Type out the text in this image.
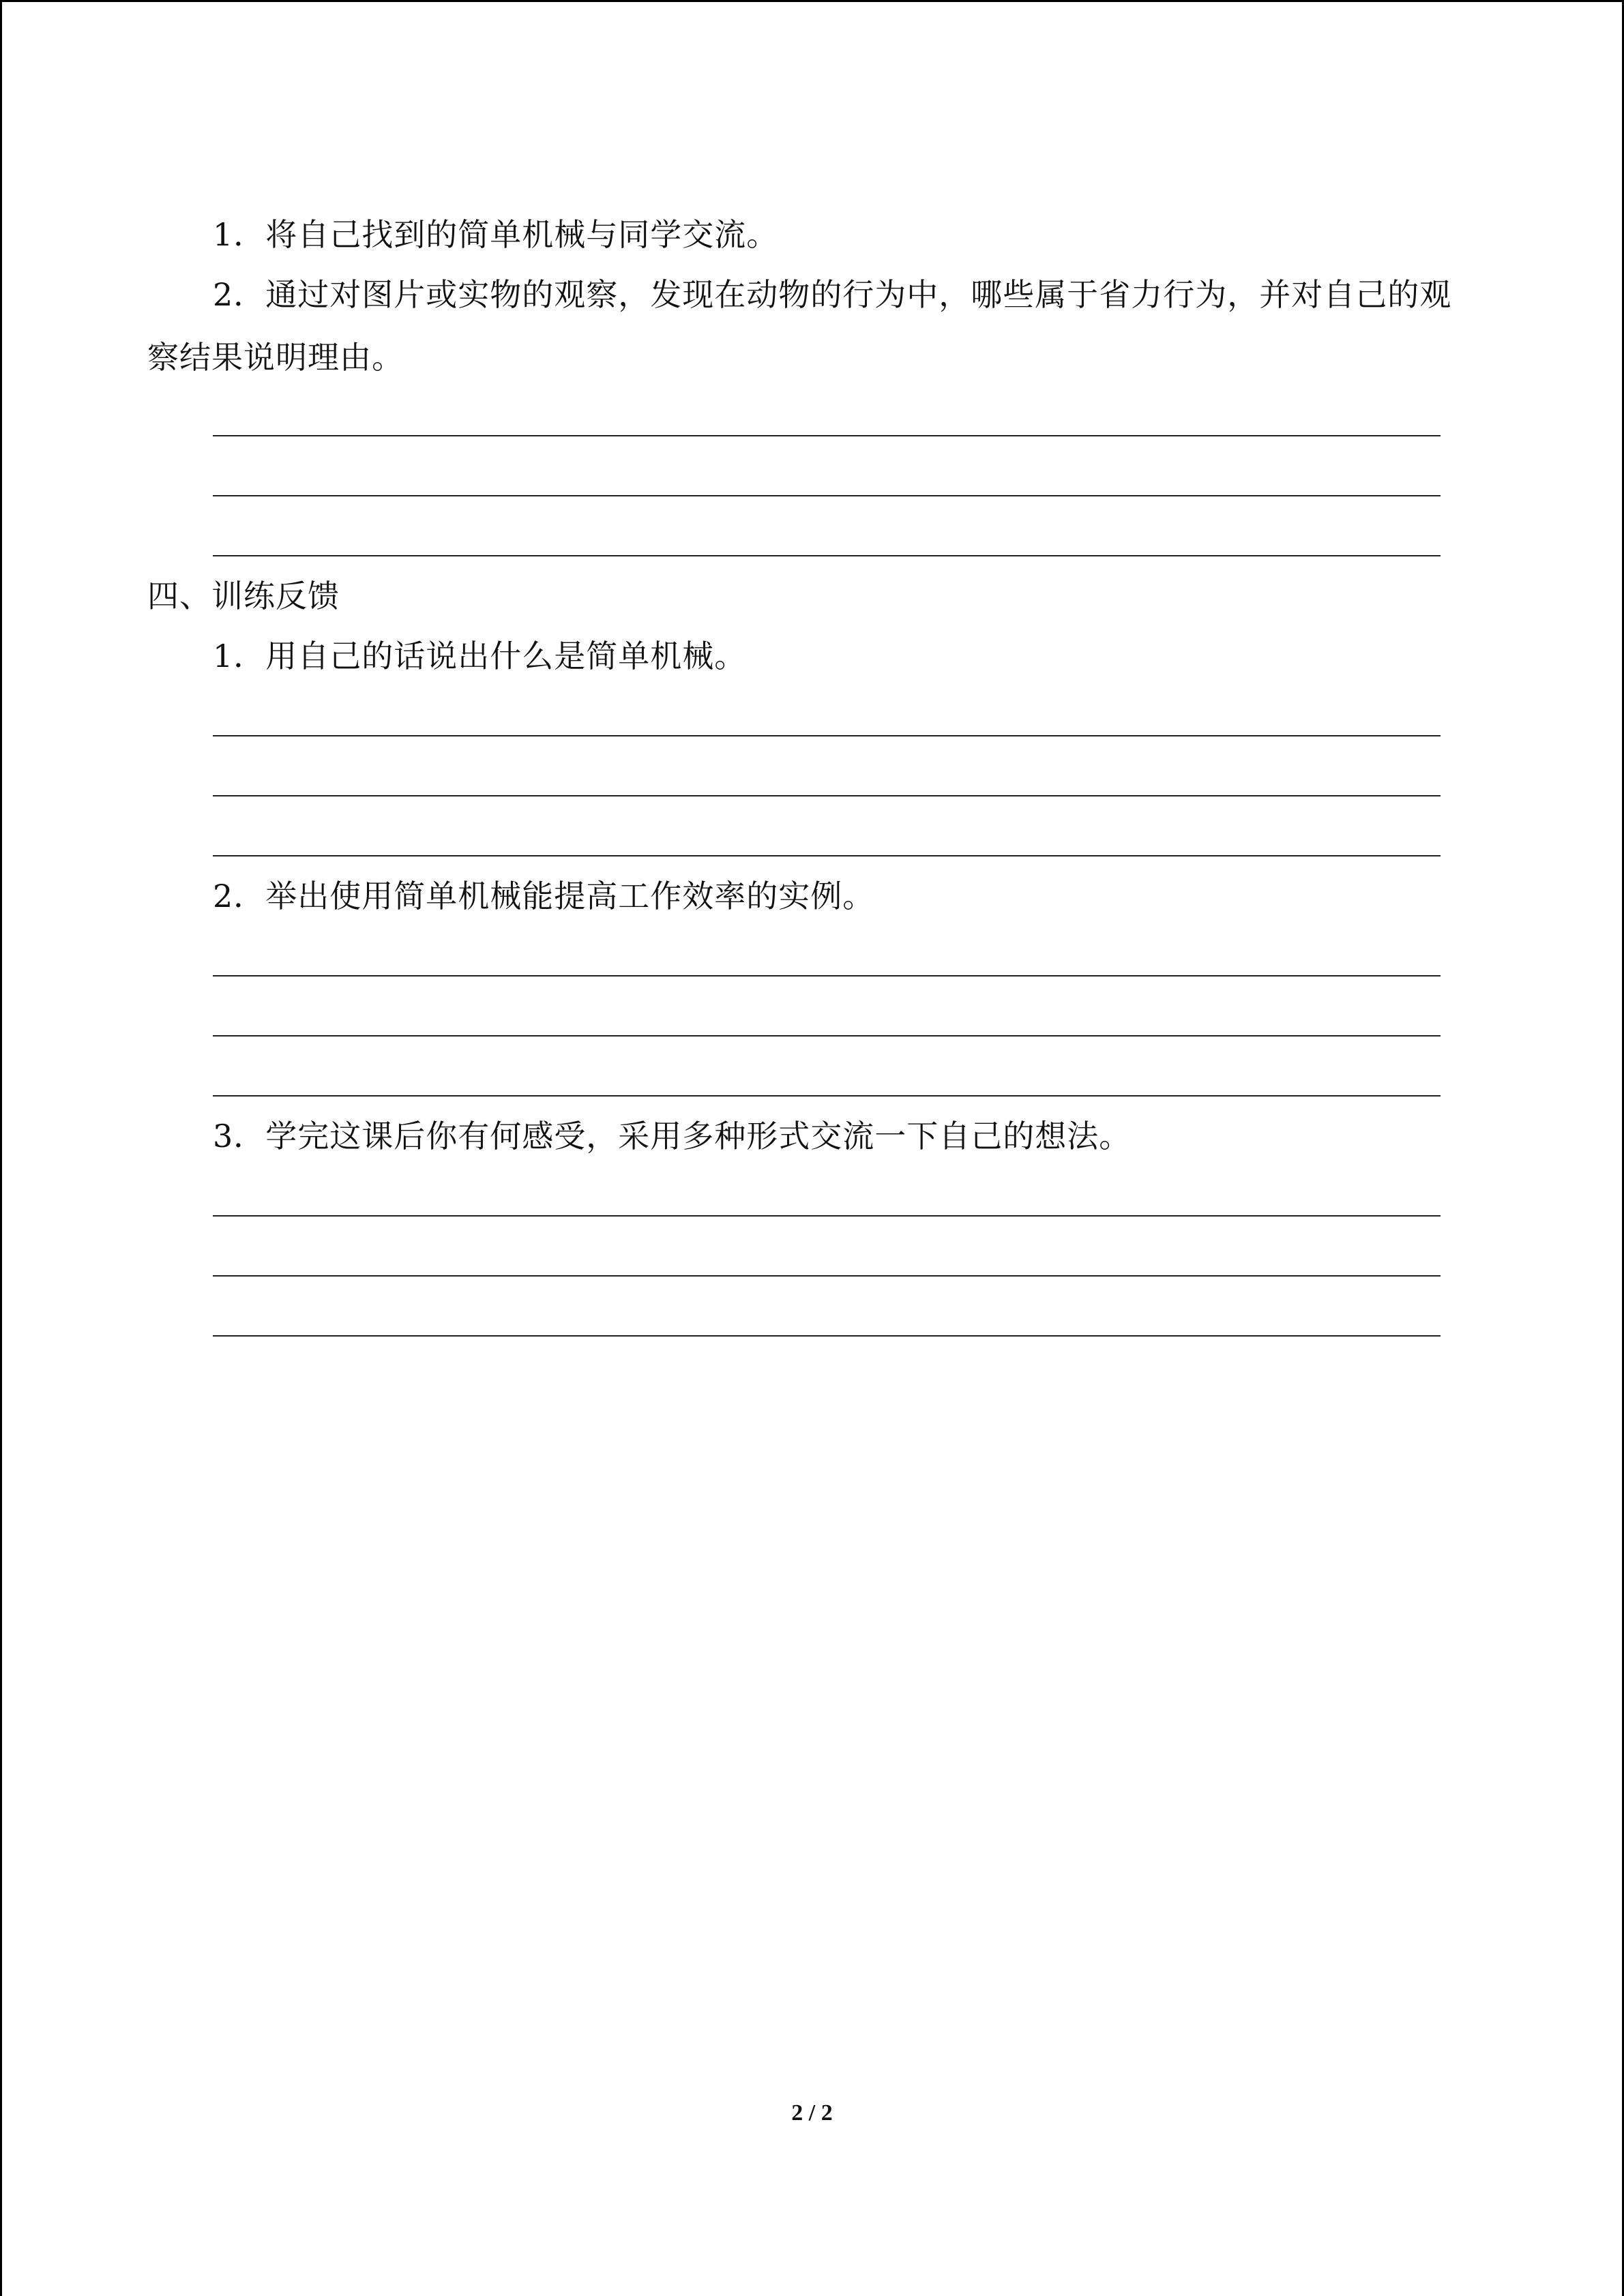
1．将自己找到的简单机械与同学交流。
2．通过对图片或实物的观察，发现在动物的行为中，哪些属于省力行为，并对自己的观
察结果说明理由。
四、训练反馈
1．用自己的话说出什么是简单机械。
2．举出使用简单机械能提高工作效率的实例。
3．学完这课后你有何感受，采用多种形式交流一下自己的想法。
2 / 2
